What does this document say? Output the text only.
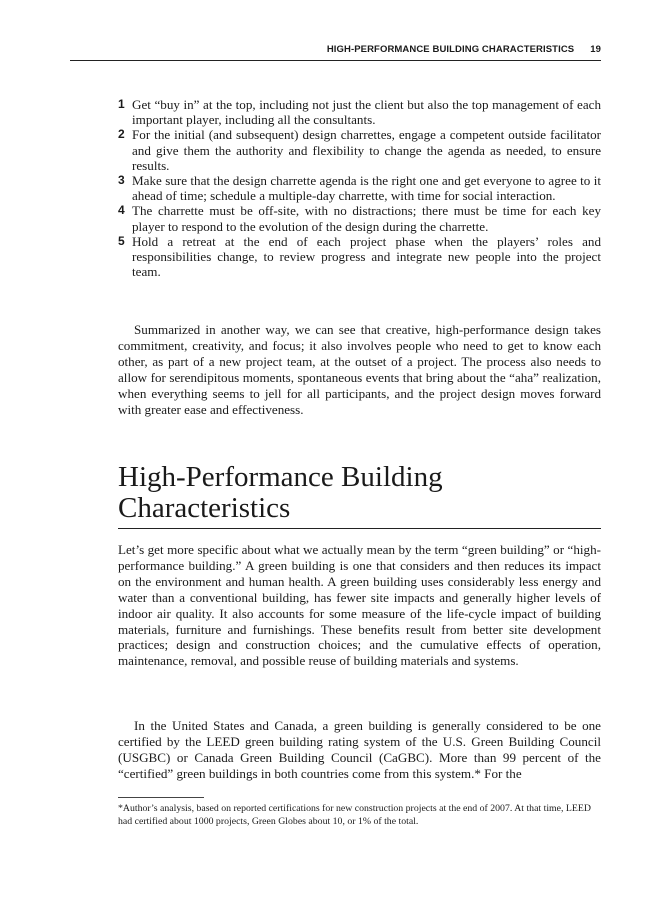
HIGH-PERFORMANCE BUILDING CHARACTERISTICS 19
1 Get “buy in” at the top, including not just the client but also the top management of each important player, including all the consultants.
2 For the initial (and subsequent) design charrettes, engage a competent outside facilitator and give them the authority and flexibility to change the agenda as needed, to ensure results.
3 Make sure that the design charrette agenda is the right one and get everyone to agree to it ahead of time; schedule a multiple-day charrette, with time for social interaction.
4 The charrette must be off-site, with no distractions; there must be time for each key player to respond to the evolution of the design during the charrette.
5 Hold a retreat at the end of each project phase when the players’ roles and responsibilities change, to review progress and integrate new people into the project team.

Summarized in another way, we can see that creative, high-performance design takes commitment, creativity, and focus; it also involves people who need to get to know each other, as part of a new project team, at the outset of a project. The process also needs to allow for serendipitous moments, spontaneous events that bring about the “aha” realization, when everything seems to jell for all participants, and the project design moves forward with greater ease and effectiveness.

High-Performance Building Characteristics

Let’s get more specific about what we actually mean by the term “green building” or “high-performance building.” A green building is one that considers and then reduces its impact on the environment and human health. A green building uses considerably less energy and water than a conventional building, has fewer site impacts and generally higher levels of indoor air quality. It also accounts for some measure of the life-cycle impact of building materials, furniture and furnishings. These benefits result from better site development practices; design and construction choices; and the cumulative effects of operation, maintenance, removal, and possible reuse of building materials and systems.

In the United States and Canada, a green building is generally considered to be one certified by the LEED green building rating system of the U.S. Green Building Council (USGBC) or Canada Green Building Council (CaGBC). More than 99 percent of the “certified” green buildings in both countries come from this system.* For the

*Author’s analysis, based on reported certifications for new construction projects at the end of 2007. At that time, LEED had certified about 1000 projects, Green Globes about 10, or 1% of the total.
